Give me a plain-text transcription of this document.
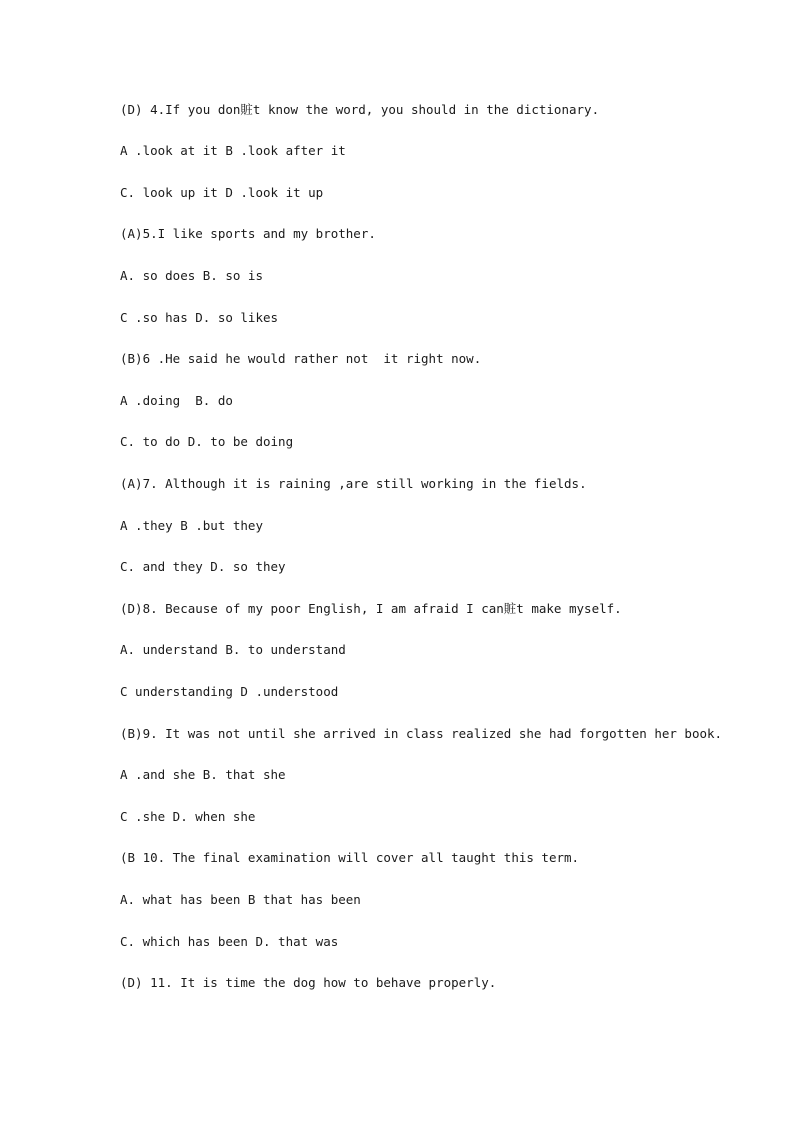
(D) 4.If you don賍t know the word, you should in the dictionary.
A .look at it B .look after it
C. look up it D .look it up
(A)5.I like sports and my brother.
A. so does B. so is
C .so has D. so likes
(B)6 .He said he would rather not  it right now.
A .doing  B. do
C. to do D. to be doing
(A)7. Although it is raining ,are still working in the fields.
A .they B .but they
C. and they D. so they
(D)8. Because of my poor English, I am afraid I can賍t make myself.
A. understand B. to understand
C understanding D .understood
(B)9. It was not until she arrived in class realized she had forgotten her book.
A .and she B. that she
C .she D. when she
(B 10. The final examination will cover all taught this term.
A. what has been B that has been
C. which has been D. that was
(D) 11. It is time the dog how to behave properly.
